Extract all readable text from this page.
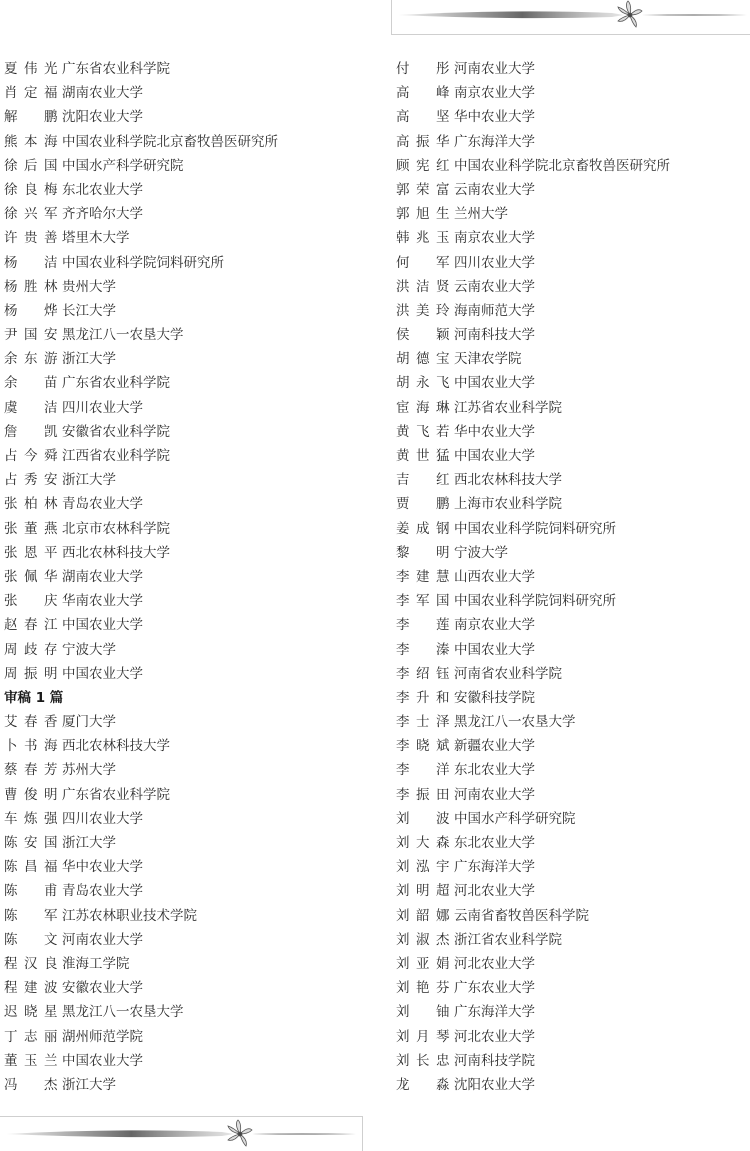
夏伟光 广东省农业科学院
肖定福 湖南农业大学
解　鹏 沈阳农业大学
熊本海 中国农业科学院北京畜牧兽医研究所
徐后国 中国水产科学研究院
徐良梅 东北农业大学
徐兴军 齐齐哈尔大学
许贵善 塔里木大学
杨　洁 中国农业科学院饲料研究所
杨胜林 贵州大学
杨　烨 长江大学
尹国安 黑龙江八一农垦大学
余东游 浙江大学
余　苗 广东省农业科学院
虞　洁 四川农业大学
詹　凯 安徽省农业科学院
占今舜 江西省农业科学院
占秀安 浙江大学
张柏林 青岛农业大学
张董燕 北京市农林科学院
张恩平 西北农林科技大学
张佩华 湖南农业大学
张　庆 华南农业大学
赵春江 中国农业大学
周歧存 宁波大学
周振明 中国农业大学
审稿 1 篇
艾春香 厦门大学
卜书海 西北农林科技大学
蔡春芳 苏州大学
曹俊明 广东省农业科学院
车炼强 四川农业大学
陈安国 浙江大学
陈昌福 华中农业大学
陈　甫 青岛农业大学
陈　军 江苏农林职业技术学院
陈　文 河南农业大学
程汉良 淮海工学院
程建波 安徽农业大学
迟晓星 黑龙江八一农垦大学
丁志丽 湖州师范学院
董玉兰 中国农业大学
冯　杰 浙江大学
付　彤 河南农业大学
高　峰 南京农业大学
高　坚 华中农业大学
高振华 广东海洋大学
顾宪红 中国农业科学院北京畜牧兽医研究所
郭荣富 云南农业大学
郭旭生 兰州大学
韩兆玉 南京农业大学
何　军 四川农业大学
洪洁贤 云南农业大学
洪美玲 海南师范大学
侯　颖 河南科技大学
胡德宝 天津农学院
胡永飞 中国农业大学
宦海琳 江苏省农业科学院
黄飞若 华中农业大学
黄世猛 中国农业大学
吉　红 西北农林科技大学
贾　鹏 上海市农业科学院
姜成钢 中国农业科学院饲料研究所
黎　明 宁波大学
李建慧 山西农业大学
李军国 中国农业科学院饲料研究所
李　莲 南京农业大学
李　溱 中国农业大学
李绍钰 河南省农业科学院
李升和 安徽科技学院
李士泽 黑龙江八一农垦大学
李晓斌 新疆农业大学
李　洋 东北农业大学
李振田 河南农业大学
刘　波 中国水产科学研究院
刘大森 东北农业大学
刘泓宇 广东海洋大学
刘明超 河北农业大学
刘韶娜 云南省畜牧兽医科学院
刘淑杰 浙江省农业科学院
刘亚娟 河北农业大学
刘艳芬 广东农业大学
刘　铀 广东海洋大学
刘月琴 河北农业大学
刘长忠 河南科技学院
龙　淼 沈阳农业大学
